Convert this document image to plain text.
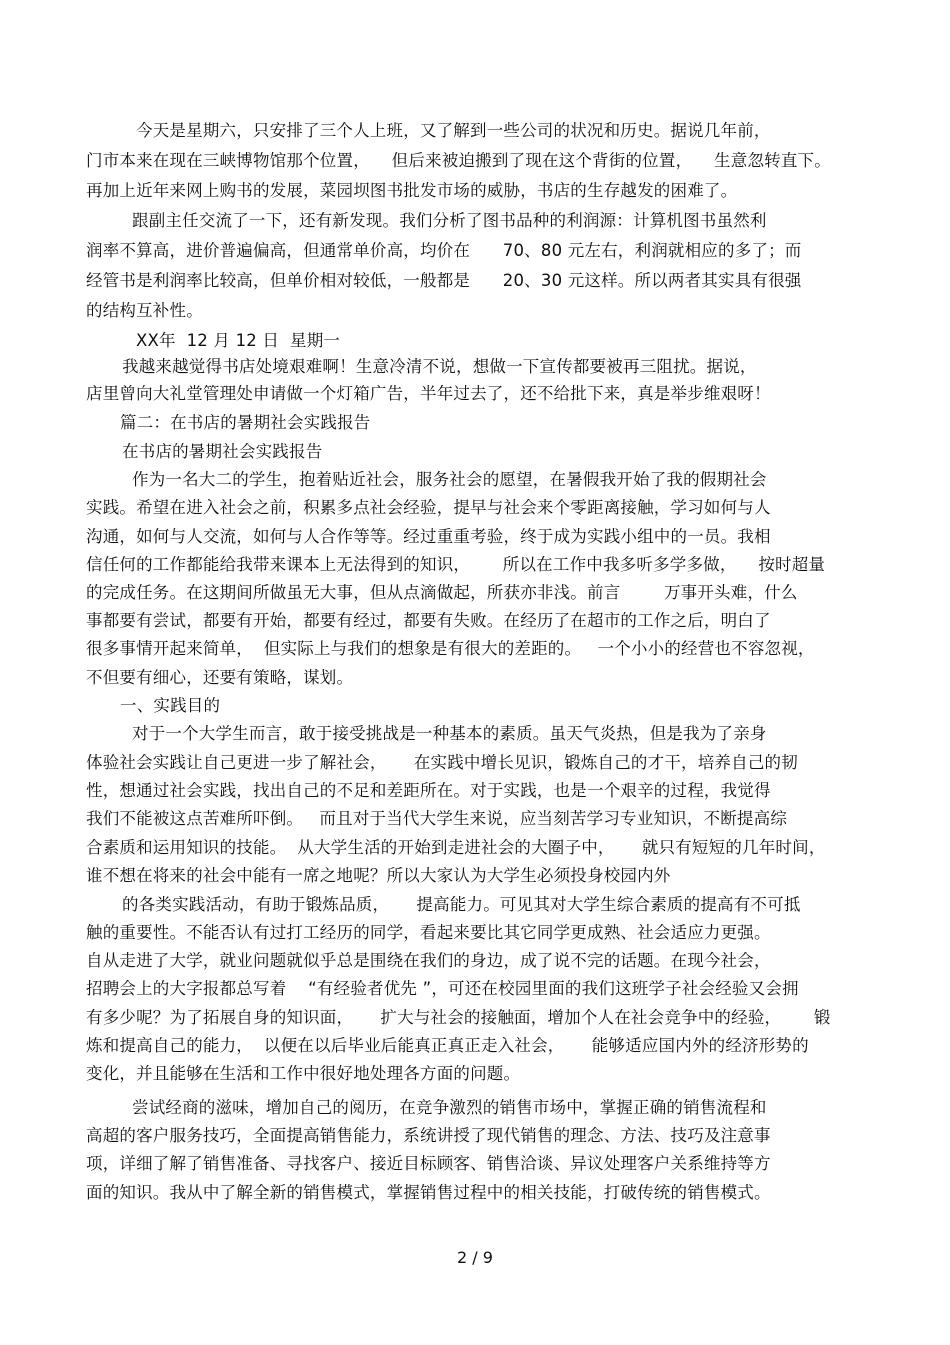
今天是星期六，只安排了三个人上班，又了解到一些公司的状况和历史。据说几年前，
门市本来在现在三峡博物馆那个位置，    但后来被迫搬到了现在这个背街的位置，    生意忽转直下。
再加上近年来网上购书的发展，菜园坝图书批发市场的威胁，书店的生存越发的困难了。
跟副主任交流了一下，还有新发现。我们分析了图书品种的利润源：计算机图书虽然利
润率不算高，进价普遍偏高，但通常单价高，均价在      70、80 元左右，利润就相应的多了；而
经管书是利润率比较高，但单价相对较低，一般都是      20、30 元这样。所以两者其实具有很强
的结构互补性。
XX年  12 月 12 日  星期一
我越来越觉得书店处境艰难啊！生意冷清不说，想做一下宣传都要被再三阻扰。据说，
店里曾向大礼堂管理处申请做一个灯箱广告，半年过去了，还不给批下来，真是举步维艰呀！
篇二：在书店的暑期社会实践报告
在书店的暑期社会实践报告
作为一名大二的学生，抱着贴近社会，服务社会的愿望，在暑假我开始了我的假期社会
实践。希望在进入社会之前，积累多点社会经验，提早与社会来个零距离接触，学习如何与人
沟通，如何与人交流，如何与人合作等等。经过重重考验，终于成为实践小组中的一员。我相
信任何的工作都能给我带来课本上无法得到的知识，      所以在工作中我多听多学多做，    按时超量
的完成任务。在这期间所做虽无大事，但从点滴做起，所获亦非浅。前言        万事开头难，什么
事都要有尝试，都要有开始，都要有经过，都要有失败。在经历了在超市的工作之后，明白了
很多事情开起来简单，  但实际上与我们的想象是有很大的差距的。   一个小小的经营也不容忽视，
不但要有细心，还要有策略，谋划。
一、实践目的
对于一个大学生而言，敢于接受挑战是一种基本的素质。虽天气炎热，但是我为了亲身
体验社会实践让自己更进一步了解社会，     在实践中增长见识，锻炼自己的才干，培养自己的韧
性，想通过社会实践，找出自己的不足和差距所在。对于实践，也是一个艰辛的过程，我觉得
我们不能被这点苦难所吓倒。   而且对于当代大学生来说，应当刻苦学习专业知识，不断提高综
合素质和运用知识的技能。  从大学生活的开始到走进社会的大圈子中，     就只有短短的几年时间，
谁不想在将来的社会中能有一席之地呢？所以大家认为大学生必须投身校园内外
的各类实践活动，有助于锻炼品质，     提高能力。可见其对大学生综合素质的提高有不可抵
触的重要性。不能否认有过打工经历的同学，看起来要比其它同学更成熟、社会适应力更强。
自从走进了大学，就业问题就似乎总是围绕在我们的身边，成了说不完的话题。在现今社会，
招聘会上的大字报都总写着    “有经验者优先 ”，可还在校园里面的我们这班学子社会经验又会拥
有多少呢？为了拓展自身的知识面，     扩大与社会的接触面，增加个人在社会竞争中的经验，      锻
炼和提高自己的能力，  以便在以后毕业后能真正真正走入社会，     能够适应国内外的经济形势的
变化，并且能够在生活和工作中很好地处理各方面的问题。
尝试经商的滋味，增加自己的阅历，在竞争激烈的销售市场中，掌握正确的销售流程和
高超的客户服务技巧，全面提高销售能力，系统讲授了现代销售的理念、方法、技巧及注意事
项，详细了解了销售准备、寻找客户、接近目标顾客、销售洽谈、异议处理客户关系维持等方
面的知识。我从中了解全新的销售模式，掌握销售过程中的相关技能，打破传统的销售模式。
2 / 9
